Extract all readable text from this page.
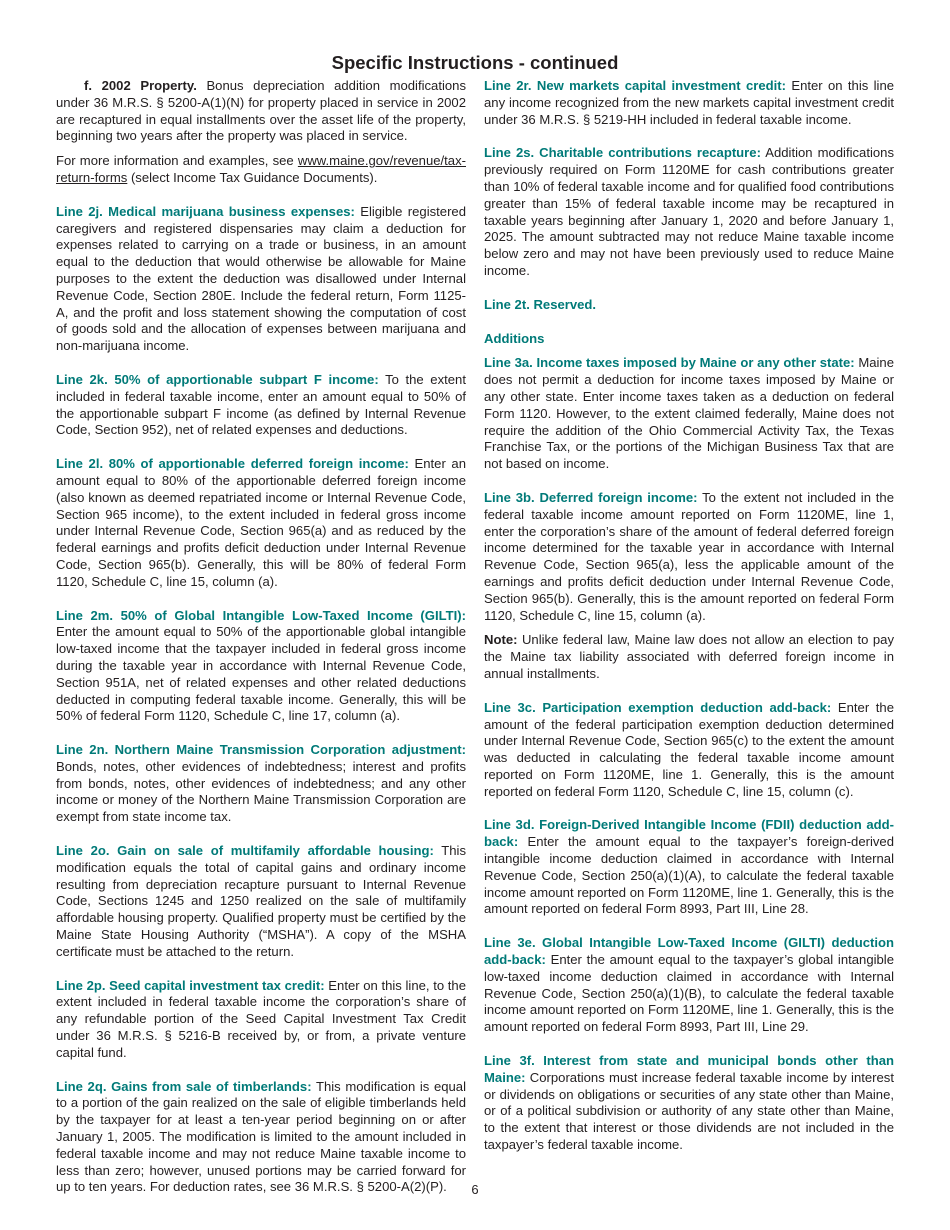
Specific Instructions - continued

f. 2002 Property. Bonus depreciation addition modifications under 36 M.R.S. § 5200-A(1)(N) for property placed in service in 2002 are recaptured in equal installments over the asset life of the property, beginning two years after the property was placed in service.

For more information and examples, see www.maine.gov/revenue/tax-return-forms (select Income Tax Guidance Documents).

Line 2j. Medical marijuana business expenses: Eligible registered caregivers and registered dispensaries may claim a deduction for expenses related to carrying on a trade or business, in an amount equal to the deduction that would otherwise be allowable for Maine purposes to the extent the deduction was disallowed under Internal Revenue Code, Section 280E. Include the federal return, Form 1125-A, and the profit and loss statement showing the computation of cost of goods sold and the allocation of expenses between marijuana and non-marijuana income.

Line 2k. 50% of apportionable subpart F income: To the extent included in federal taxable income, enter an amount equal to 50% of the apportionable subpart F income (as defined by Internal Revenue Code, Section 952), net of related expenses and deductions.

Line 2l. 80% of apportionable deferred foreign income: Enter an amount equal to 80% of the apportionable deferred foreign income (also known as deemed repatriated income or Internal Revenue Code, Section 965 income), to the extent included in federal gross income under Internal Revenue Code, Section 965(a) and as reduced by the federal earnings and profits deficit deduction under Internal Revenue Code, Section 965(b). Generally, this will be 80% of federal Form 1120, Schedule C, line 15, column (a).

Line 2m. 50% of Global Intangible Low-Taxed Income (GILTI): Enter the amount equal to 50% of the apportionable global intangible low-taxed income that the taxpayer included in federal gross income during the taxable year in accordance with Internal Revenue Code, Section 951A, net of related expenses and other related deductions deducted in computing federal taxable income. Generally, this will be 50% of federal Form 1120, Schedule C, line 17, column (a).

Line 2n. Northern Maine Transmission Corporation adjustment: Bonds, notes, other evidences of indebtedness; interest and profits from bonds, notes, other evidences of indebtedness; and any other income or money of the Northern Maine Transmission Corporation are exempt from state income tax.

Line 2o. Gain on sale of multifamily affordable housing: This modification equals the total of capital gains and ordinary income resulting from depreciation recapture pursuant to Internal Revenue Code, Sections 1245 and 1250 realized on the sale of multifamily affordable housing property. Qualified property must be certified by the Maine State Housing Authority (“MSHA”). A copy of the MSHA certificate must be attached to the return.

Line 2p. Seed capital investment tax credit: Enter on this line, to the extent included in federal taxable income the corporation’s share of any refundable portion of the Seed Capital Investment Tax Credit under 36 M.R.S. § 5216-B received by, or from, a private venture capital fund.

Line 2q. Gains from sale of timberlands: This modification is equal to a portion of the gain realized on the sale of eligible timberlands held by the taxpayer for at least a ten-year period beginning on or after January 1, 2005. The modification is limited to the amount included in federal taxable income and may not reduce Maine taxable income to less than zero; however, unused portions may be carried forward for up to ten years. For deduction rates, see 36 M.R.S. § 5200-A(2)(P).

Line 2r. New markets capital investment credit: Enter on this line any income recognized from the new markets capital investment credit under 36 M.R.S. § 5219-HH included in federal taxable income.

Line 2s. Charitable contributions recapture: Addition modifications previously required on Form 1120ME for cash contributions greater than 10% of federal taxable income and for qualified food contributions greater than 15% of federal taxable income may be recaptured in taxable years beginning after January 1, 2020 and before January 1, 2025. The amount subtracted may not reduce Maine taxable income below zero and may not have been previously used to reduce Maine income.

Line 2t. Reserved.

Additions

Line 3a. Income taxes imposed by Maine or any other state: Maine does not permit a deduction for income taxes imposed by Maine or any other state. Enter income taxes taken as a deduction on federal Form 1120. However, to the extent claimed federally, Maine does not require the addition of the Ohio Commercial Activity Tax, the Texas Franchise Tax, or the portions of the Michigan Business Tax that are not based on income.

Line 3b. Deferred foreign income: To the extent not included in the federal taxable income amount reported on Form 1120ME, line 1, enter the corporation’s share of the amount of federal deferred foreign income determined for the taxable year in accordance with Internal Revenue Code, Section 965(a), less the applicable amount of the earnings and profits deficit deduction under Internal Revenue Code, Section 965(b). Generally, this is the amount reported on federal Form 1120, Schedule C, line 15, column (a).

Note: Unlike federal law, Maine law does not allow an election to pay the Maine tax liability associated with deferred foreign income in annual installments.

Line 3c. Participation exemption deduction add-back: Enter the amount of the federal participation exemption deduction determined under Internal Revenue Code, Section 965(c) to the extent the amount was deducted in calculating the federal taxable income amount reported on Form 1120ME, line 1. Generally, this is the amount reported on federal Form 1120, Schedule C, line 15, column (c).

Line 3d. Foreign-Derived Intangible Income (FDII) deduction add-back: Enter the amount equal to the taxpayer’s foreign-derived intangible income deduction claimed in accordance with Internal Revenue Code, Section 250(a)(1)(A), to calculate the federal taxable income amount reported on Form 1120ME, line 1. Generally, this is the amount reported on federal Form 8993, Part III, Line 28.

Line 3e. Global Intangible Low-Taxed Income (GILTI) deduction add-back: Enter the amount equal to the taxpayer’s global intangible low-taxed income deduction claimed in accordance with Internal Revenue Code, Section 250(a)(1)(B), to calculate the federal taxable income amount reported on Form 1120ME, line 1. Generally, this is the amount reported on federal Form 8993, Part III, Line 29.

Line 3f. Interest from state and municipal bonds other than Maine: Corporations must increase federal taxable income by interest or dividends on obligations or securities of any state other than Maine, or of a political subdivision or authority of any state other than Maine, to the extent that interest or those dividends are not included in the taxpayer’s federal taxable income.

6
